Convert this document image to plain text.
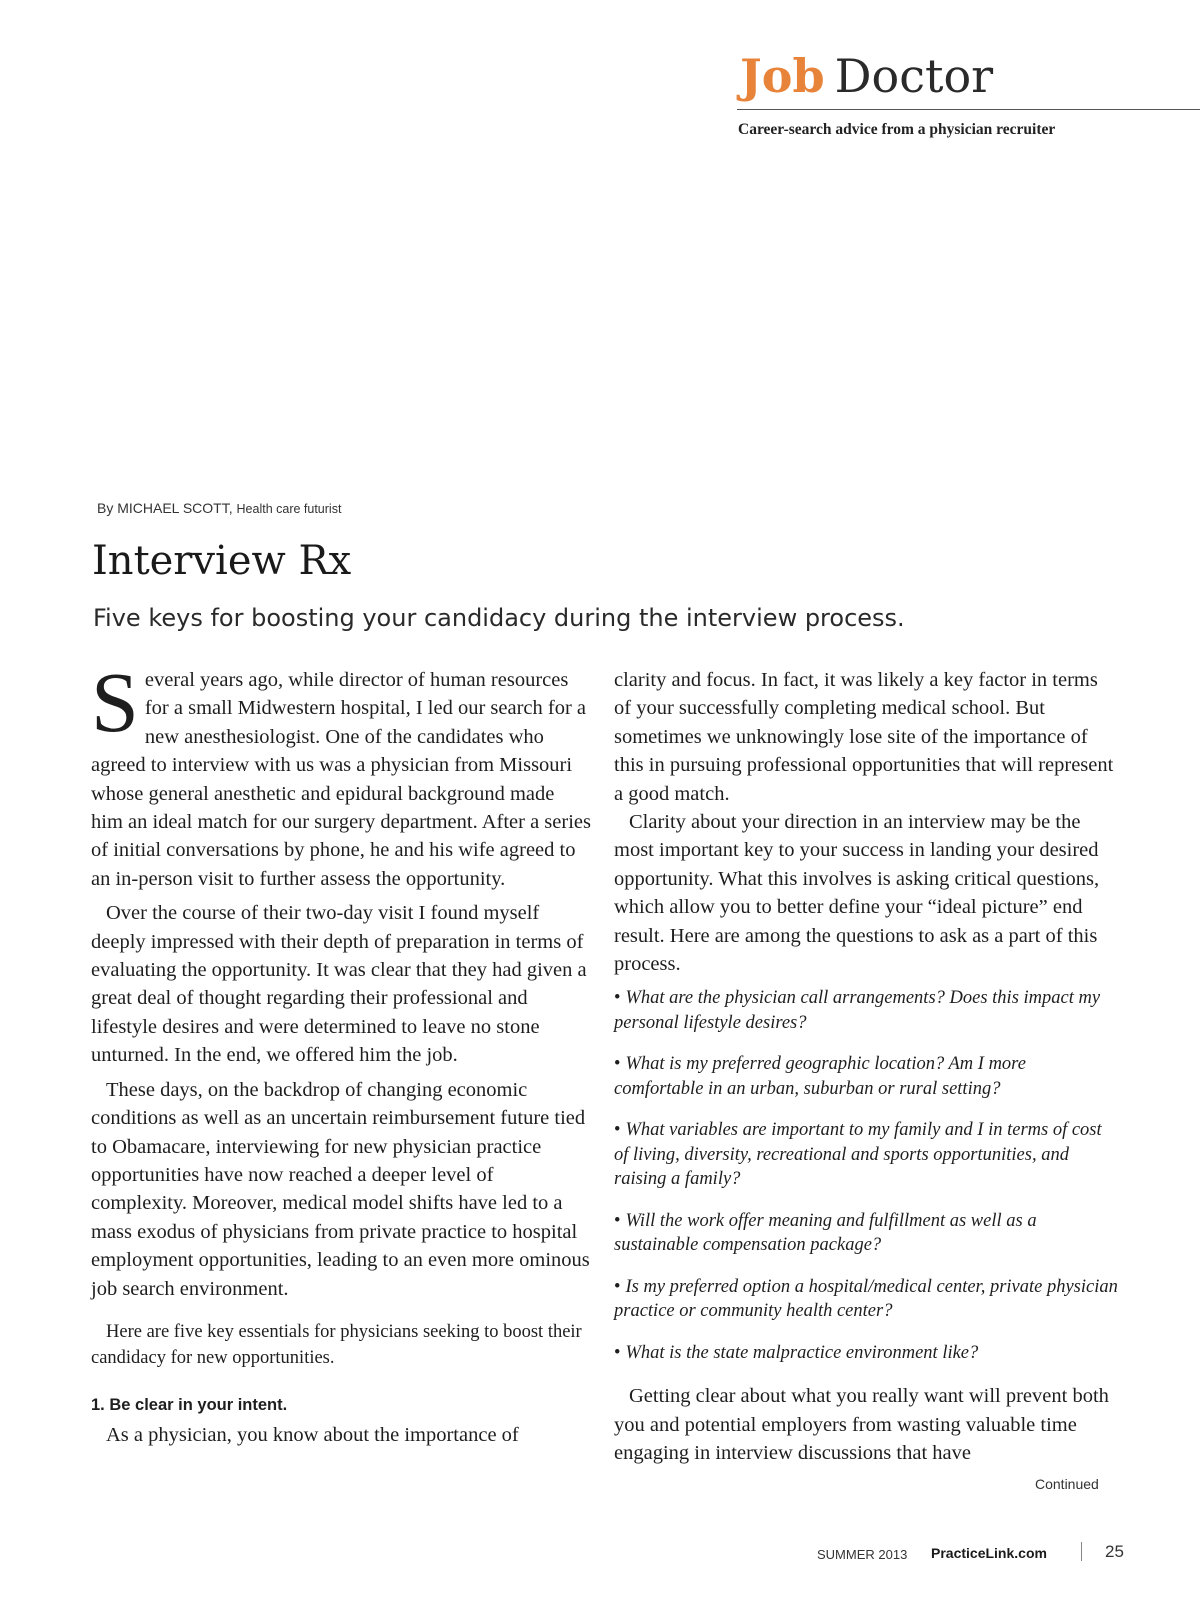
Job Doctor
Career-search advice from a physician recruiter
By MICHAEL SCOTT, Health care futurist
Interview Rx
Five keys for boosting your candidacy during the interview process.

Several years ago, while director of human resources for a small Midwestern hospital, I led our search for a new anesthesiologist. One of the candidates who agreed to interview with us was a physician from Missouri whose general anesthetic and epidural background made him an ideal match for our surgery department. After a series of initial conversations by phone, he and his wife agreed to an in-person visit to further assess the opportunity.

Over the course of their two-day visit I found myself deeply impressed with their depth of preparation in terms of evaluating the opportunity. It was clear that they had given a great deal of thought regarding their professional and lifestyle desires and were determined to leave no stone unturned. In the end, we offered him the job.

These days, on the backdrop of changing economic conditions as well as an uncertain reimbursement future tied to Obamacare, interviewing for new physician practice opportunities have now reached a deeper level of complexity. Moreover, medical model shifts have led to a mass exodus of physicians from private practice to hospital employment opportunities, leading to an even more ominous job search environment.

Here are five key essentials for physicians seeking to boost their candidacy for new opportunities.

1. Be clear in your intent.

As a physician, you know about the importance of

clarity and focus. In fact, it was likely a key factor in terms of your successfully completing medical school. But sometimes we unknowingly lose site of the importance of this in pursuing professional opportunities that will represent a good match.

Clarity about your direction in an interview may be the most important key to your success in landing your desired opportunity. What this involves is asking critical questions, which allow you to better define your “ideal picture” end result. Here are among the questions to ask as a part of this process.

• What are the physician call arrangements? Does this impact my personal lifestyle desires?
• What is my preferred geographic location? Am I more comfortable in an urban, suburban or rural setting?
• What variables are important to my family and I in terms of cost of living, diversity, recreational and sports opportunities, and raising a family?
• Will the work offer meaning and fulfillment as well as a sustainable compensation package?
• Is my preferred option a hospital/medical center, private physician practice or community health center?
• What is the state malpractice environment like?

Getting clear about what you really want will prevent both you and potential employers from wasting valuable time engaging in interview discussions that have

Continued
SUMMER 2013 PracticeLink.com	25
